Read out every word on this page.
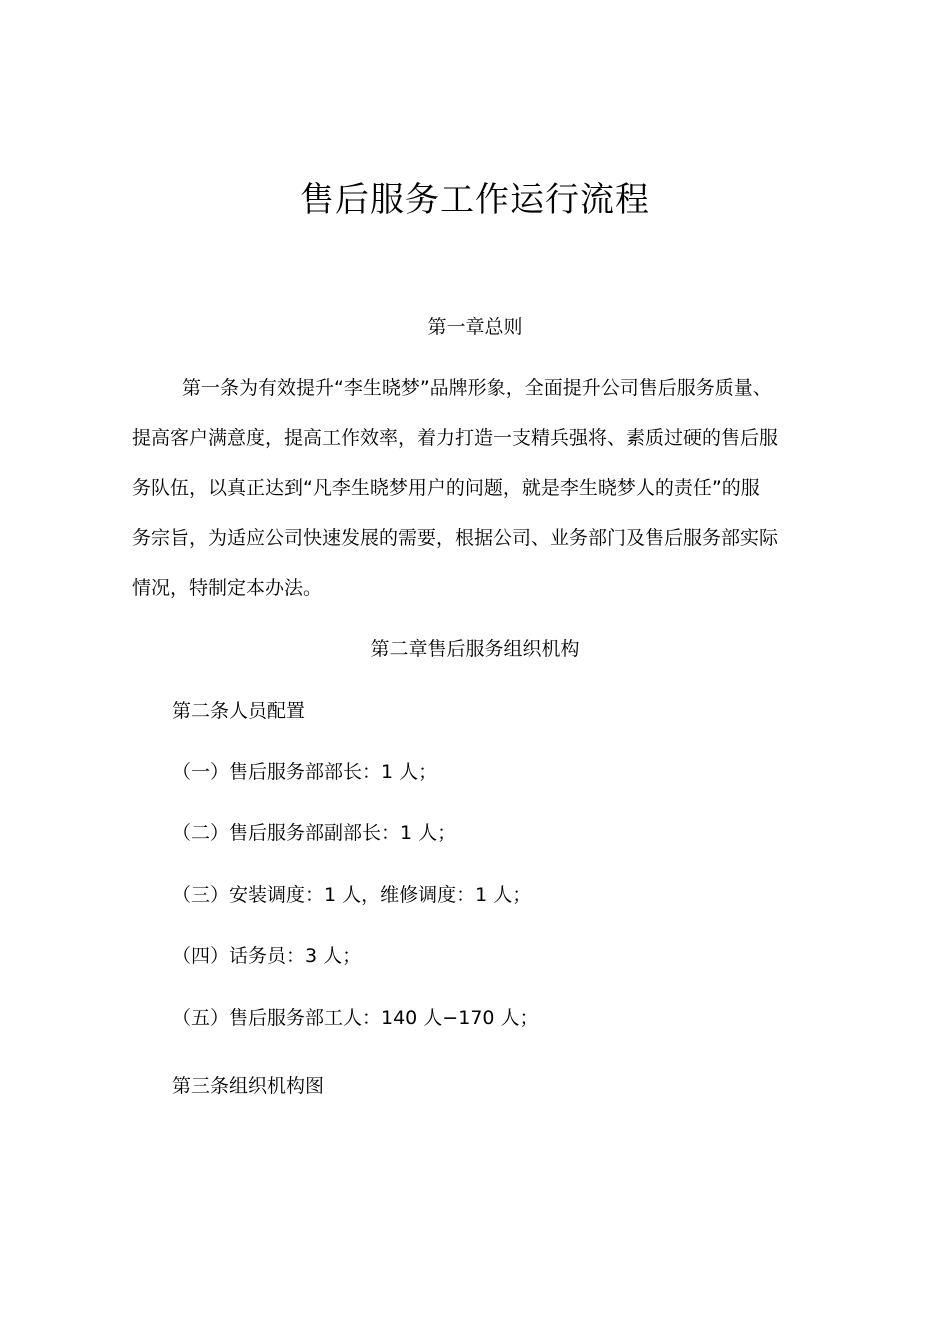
售后服务工作运行流程
第一章总则
第一条为有效提升“李生晓梦”品牌形象，全面提升公司售后服务质量、
提高客户满意度，提高工作效率，着力打造一支精兵强将、素质过硬的售后服
务队伍，以真正达到“凡李生晓梦用户的问题，就是李生晓梦人的责任”的服
务宗旨，为适应公司快速发展的需要，根据公司、业务部门及售后服务部实际
情况，特制定本办法。
第二章售后服务组织机构
第二条人员配置
（一）售后服务部部长：1 人；
（二）售后服务部副部长：1 人；
（三）安装调度：1 人，维修调度：1 人；
（四）话务员：3 人；
（五）售后服务部工人：140 人−170 人；
第三条组织机构图
